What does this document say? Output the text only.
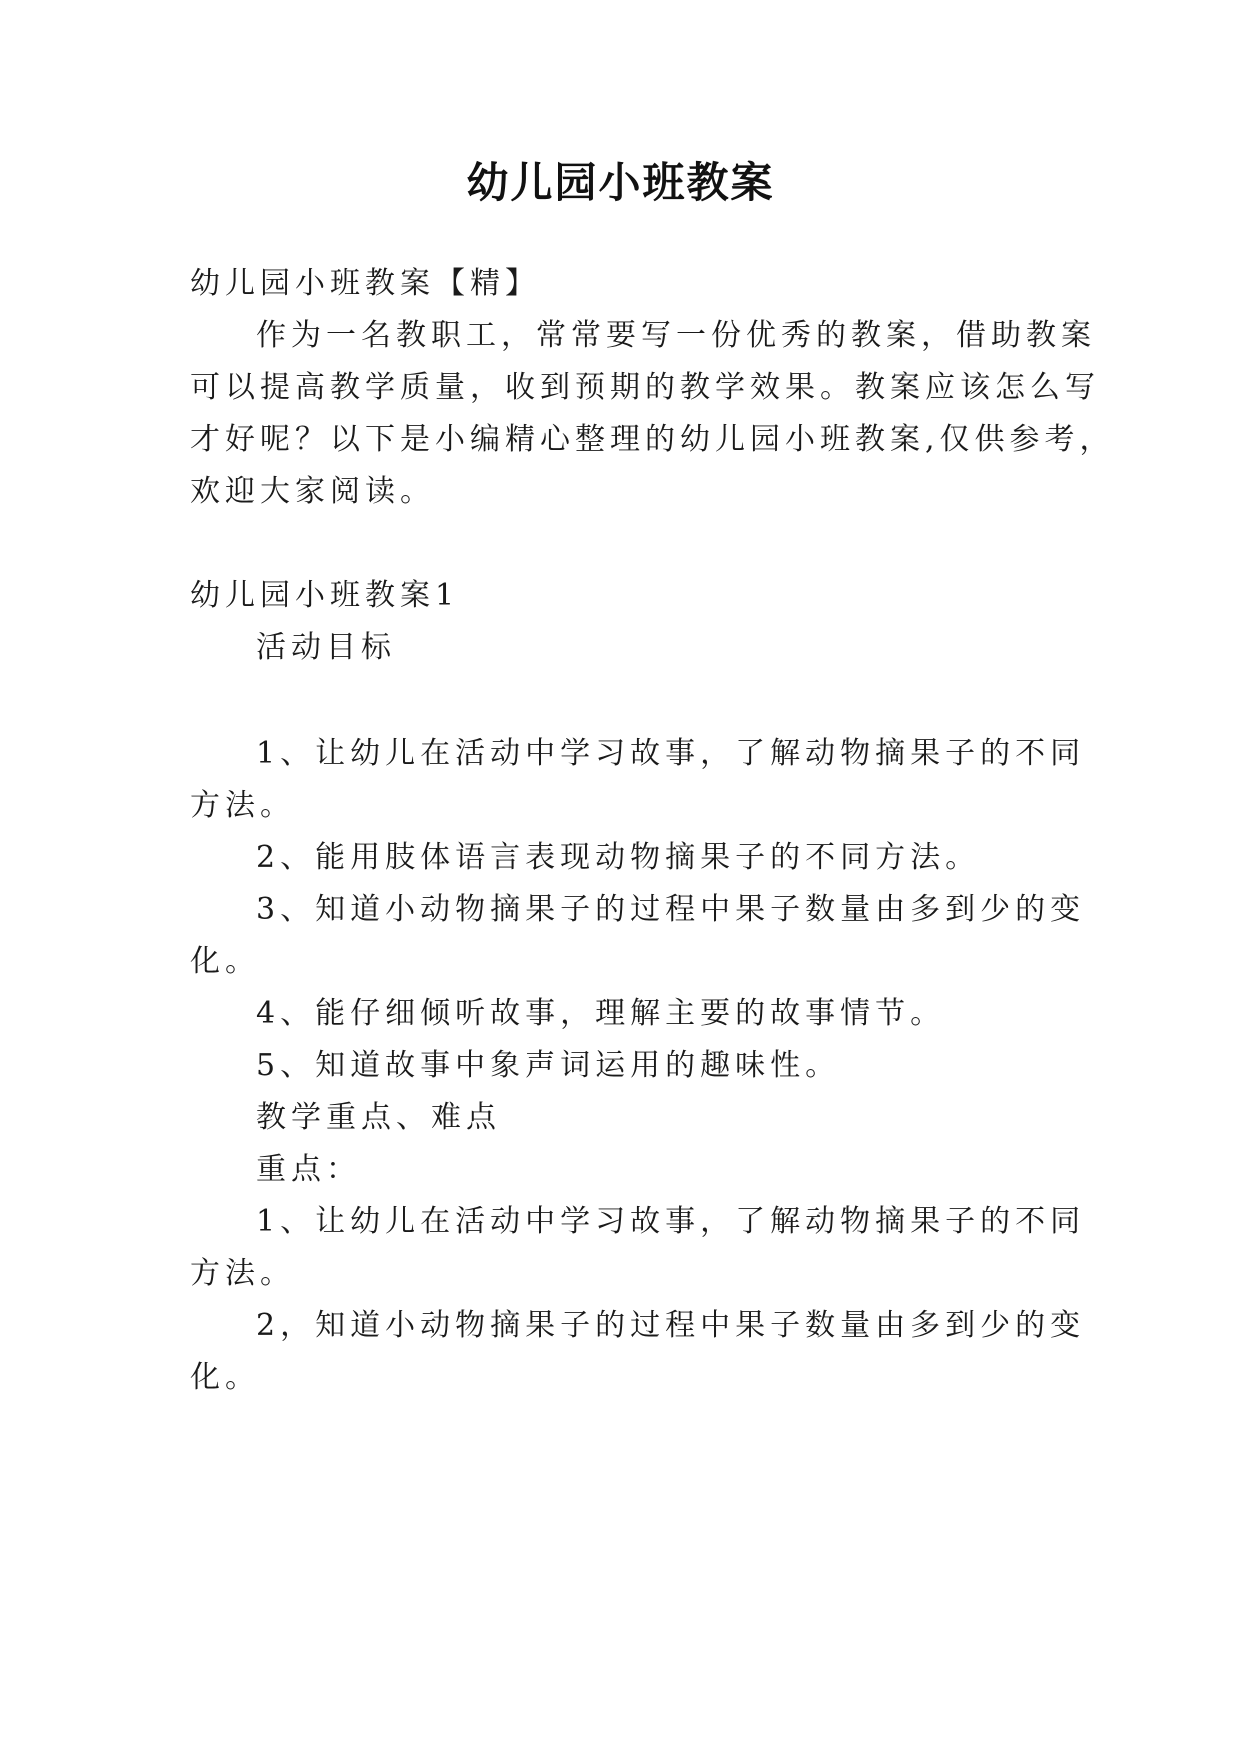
幼儿园小班教案
幼儿园小班教案【精】
作为一名教职工，常常要写一份优秀的教案，借助教案
可以提高教学质量，收到预期的教学效果。教案应该怎么写
才好呢？以下是小编精心整理的幼儿园小班教案,仅供参考，
欢迎大家阅读。
幼儿园小班教案1
活动目标
1、让幼儿在活动中学习故事，了解动物摘果子的不同
方法。
2、能用肢体语言表现动物摘果子的不同方法。
3、知道小动物摘果子的过程中果子数量由多到少的变
化。
4、能仔细倾听故事，理解主要的故事情节。
5、知道故事中象声词运用的趣味性。
教学重点、难点
重点：
1、让幼儿在活动中学习故事，了解动物摘果子的不同
方法。
2，知道小动物摘果子的过程中果子数量由多到少的变
化。
